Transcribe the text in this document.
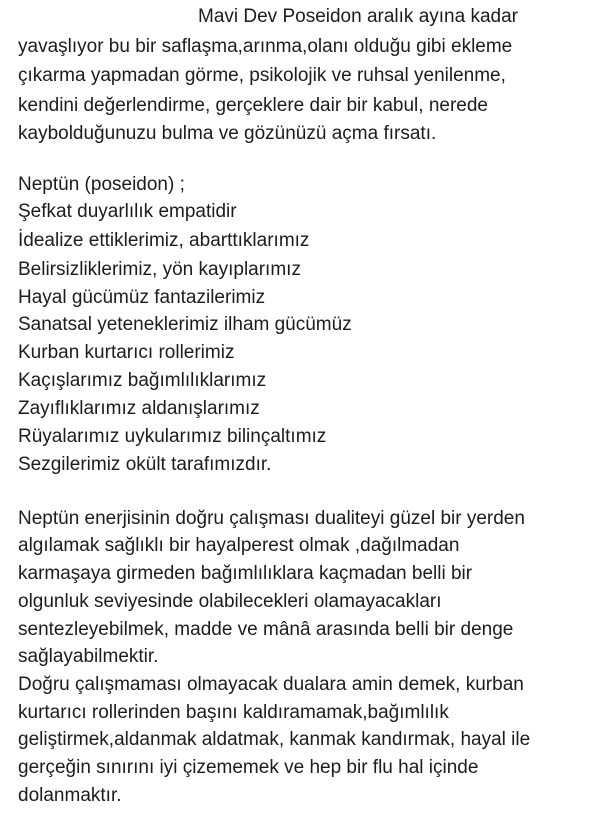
Mavi Dev Poseidon aralık ayına kadar
yavaşlıyor bu bir saflaşma,arınma,olanı olduğu gibi ekleme
çıkarma yapmadan görme, psikolojik ve ruhsal yenilenme,
kendini değerlendirme, gerçeklere dair bir kabul, nerede
kaybolduğunuzu bulma ve gözünüzü açma fırsatı.
Neptün (poseidon) ;
Şefkat duyarlılık empatidir
İdealize ettiklerimiz, abarttıklarımız
Belirsizliklerimiz, yön kayıplarımız
Hayal gücümüz fantazilerimiz
Sanatsal yeteneklerimiz ilham gücümüz
Kurban kurtarıcı rollerimiz
Kaçışlarımız bağımlılıklarımız
Zayıflıklarımız aldanışlarımız
Rüyalarımız uykularımız bilinçaltımız
Sezgilerimiz okült tarafımızdır.
Neptün enerjisinin doğru çalışması dualiteyi güzel bir yerden
algılamak sağlıklı bir hayalperest olmak ,dağılmadan
karmaşaya girmeden bağımlılıklara kaçmadan belli bir
olgunluk seviyesinde olabilecekleri olamayacakları
sentezleyebilmek, madde ve mânâ arasında belli bir denge
sağlayabilmektir.
Doğru çalışmaması olmayacak dualara amin demek, kurban
kurtarıcı rollerinden başını kaldıramamak,bağımlılık
geliştirmek,aldanmak aldatmak, kanmak kandırmak, hayal ile
gerçeğin sınırını iyi çizememek ve hep bir flu hal içinde
dolanmaktır.
